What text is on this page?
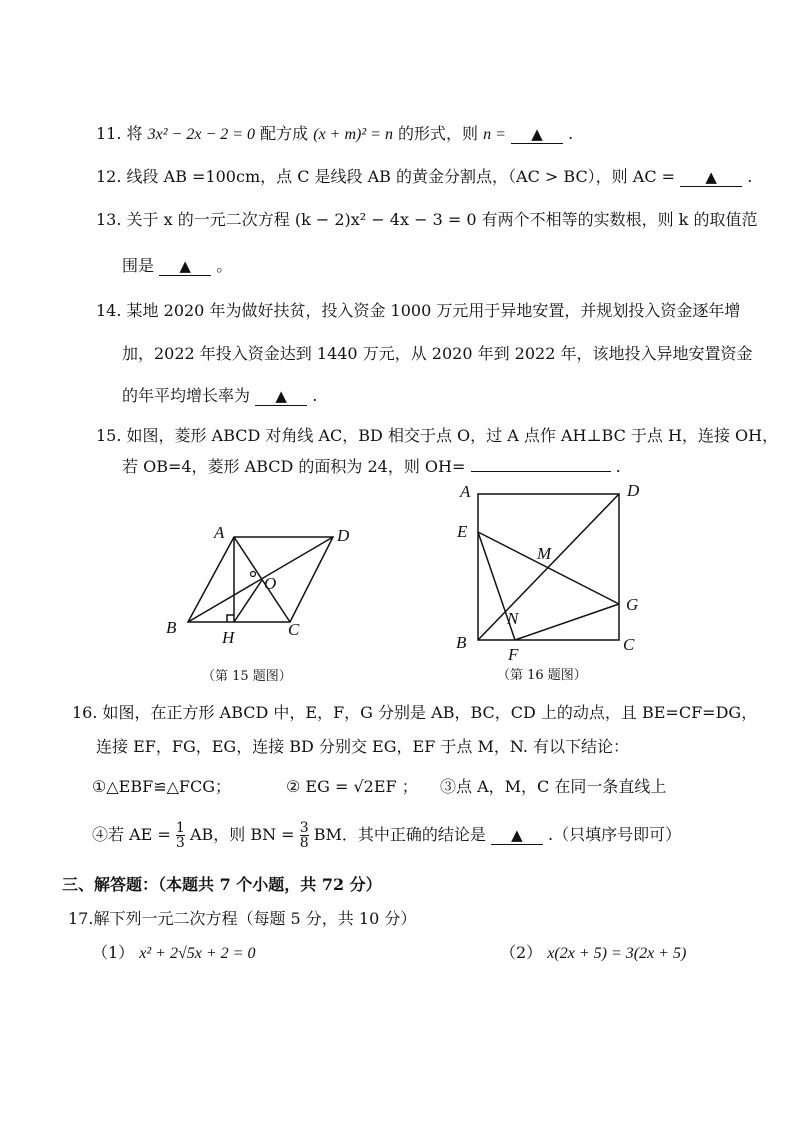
11. 将 3x² − 2x − 2 = 0 配方成 (x + m)² = n 的形式，则 n = ▲ .
12. 线段 AB =100cm，点 C 是线段 AB 的黄金分割点，（AC > BC），则 AC = ▲ .
13. 关于 x 的一元二次方程 (k − 2)x² − 4x − 3 = 0 有两个不相等的实数根，则 k 的取值范
围是 ▲ 。
14. 某地 2020 年为做好扶贫，投入资金 1000 万元用于异地安置，并规划投入资金逐年增
加，2022 年投入资金达到 1440 万元，从 2020 年到 2022 年，该地投入异地安置资金
的年平均增长率为 ▲ .
15. 如图，菱形 ABCD 对角线 AC，BD 相交于点 O，过 A 点作 AH⊥BC 于点 H，连接 OH，
若 OB=4，菱形 ABCD 的面积为 24，则 OH=	.
A	D
O
B
H	C
（第 15 题图）
A	D
E
M
G
N
B
F
C
（第 16 题图）
16. 如图，在正方形 ABCD 中，E，F，G 分别是 AB，BC，CD 上的动点，且 BE=CF=DG，
连接 EF，FG，EG，连接 BD 分别交 EG，EF 于点 M，N. 有以下结论：
①△EBF≌△FCG；	② EG = √2EF ； ③点 A，M，C 在同一条直线上
④若 AE = $\frac{1}{3}$ AB，则 BN = $\frac{3}{8}$ BM．其中正确的结论是 ▲ .（只填序号即可）
三、解答题：（本题共 7 个小题，共 72 分）
17.解下列一元二次方程（每题 5 分，共 10 分）
（1） x² + 2√5x + 2 = 0	（2） x(2x + 5) = 3(2x + 5)
